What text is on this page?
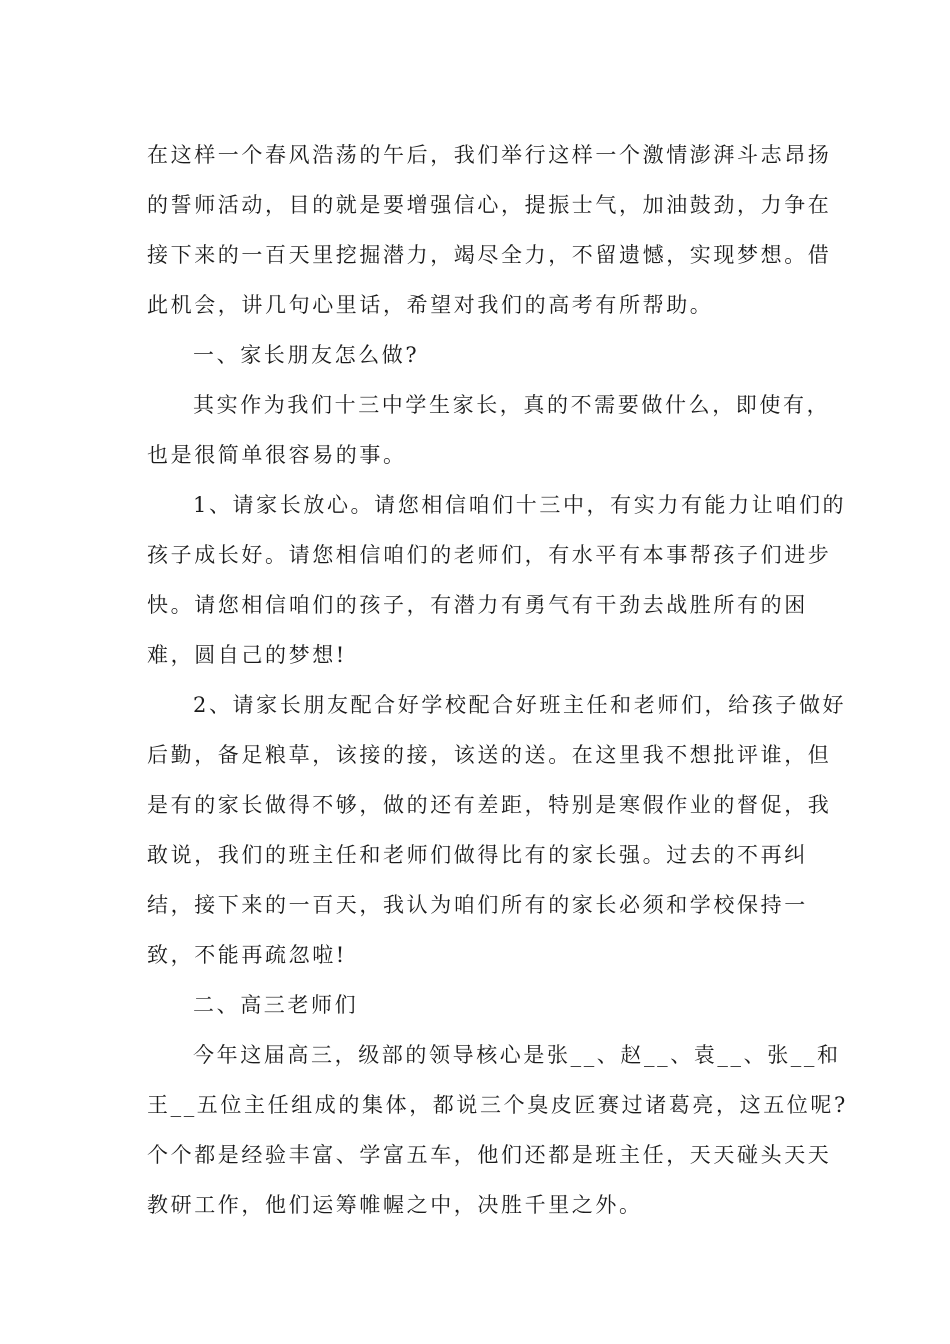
在这样一个春风浩荡的午后，我们举行这样一个激情澎湃斗志昂扬
的誓师活动，目的就是要增强信心，提振士气，加油鼓劲，力争在
接下来的一百天里挖掘潜力，竭尽全力，不留遗憾，实现梦想。借
此机会，讲几句心里话，希望对我们的高考有所帮助。
一、家长朋友怎么做?
其实作为我们十三中学生家长，真的不需要做什么，即使有，
也是很简单很容易的事。
1、请家长放心。请您相信咱们十三中，有实力有能力让咱们的
孩子成长好。请您相信咱们的老师们，有水平有本事帮孩子们进步
快。请您相信咱们的孩子，有潜力有勇气有干劲去战胜所有的困
难，圆自己的梦想!
2、请家长朋友配合好学校配合好班主任和老师们，给孩子做好
后勤，备足粮草，该接的接，该送的送。在这里我不想批评谁，但
是有的家长做得不够，做的还有差距，特别是寒假作业的督促，我
敢说，我们的班主任和老师们做得比有的家长强。过去的不再纠
结，接下来的一百天，我认为咱们所有的家长必须和学校保持一
致，不能再疏忽啦!
二、高三老师们
今年这届高三，级部的领导核心是张__、赵__、袁__、张__和
王__五位主任组成的集体，都说三个臭皮匠赛过诸葛亮，这五位呢?
个个都是经验丰富、学富五车，他们还都是班主任，天天碰头天天
教研工作，他们运筹帷幄之中，决胜千里之外。
